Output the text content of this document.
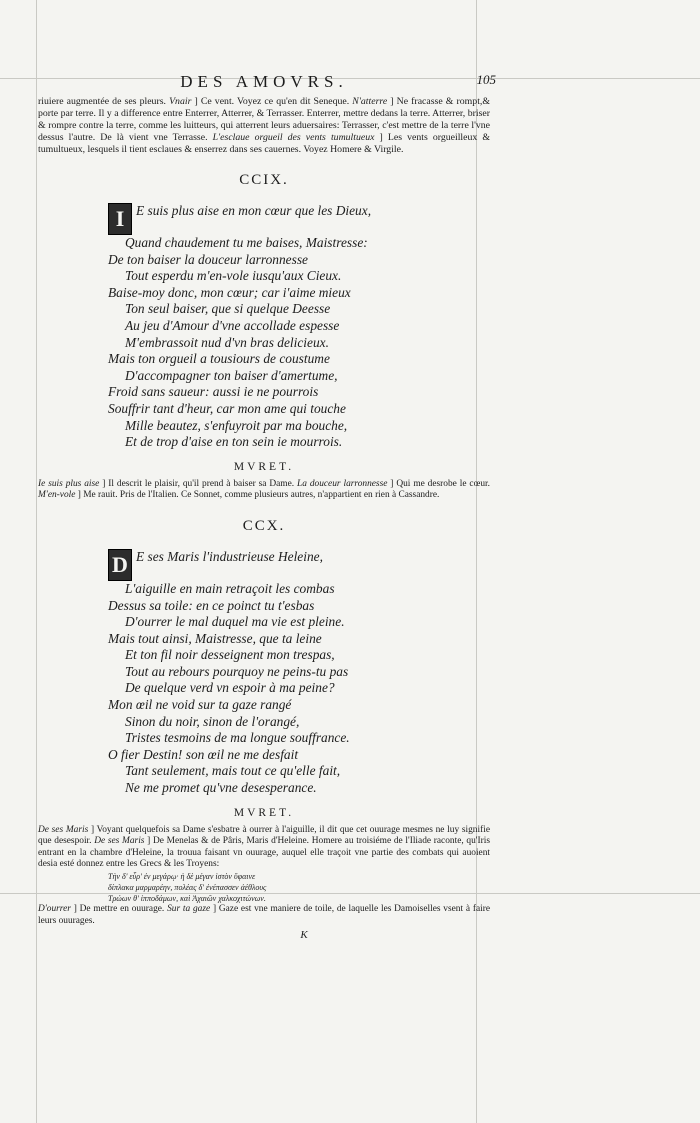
DES AMOVRS.	105
riuiere augmentée de ses pleurs. Vnair ] Ce vent. Voyez ce qu'en dit Seneque. N'atterre ] Ne fracasse & rompt,& porte par terre. Il y a difference entre Enterrer, Atterrer, & Terrasser. Enterrer, mettre dedans la terre. Atterrer, briser & rompre contre la terre, comme les luitteurs, qui atterrent leurs aduersaires: Terrasser, c'est mettre de la terre l'vne dessus l'autre. De là vient vne Terrasse. L'esclaue orgueil des vents tumultueux ] Les vents orgueilleux & tumultueux, lesquels il tient esclaues & enserrez dans ses cauernes. Voyez Homere & Virgile.
CCIX.
I E suis plus aise en mon cœur que les Dieux,
Quand chaudement tu me baises, Maistresse:
De ton baiser la douceur larronnesse
Tout esperdu m'en-vole iusqu'aux Cieux.
Baise-moy donc, mon cœur; car i'aime mieux
Ton seul baiser, que si quelque Deesse
Au jeu d'Amour d'vne accollade espesse
M'embrassoit nud d'vn bras delicieux.
Mais ton orgueil a tousiours de coustume
D'accompagner ton baiser d'amertume,
Froid sans saueur: aussi ie ne pourrois
Souffrir tant d'heur, car mon ame qui touche
Mille beautez, s'enfuyroit par ma bouche,
Et de trop d'aise en ton sein ie mourrois.
MVRET.
Ie suis plus aise ] Il descrit le plaisir, qu'il prend à baiser sa Dame. La douceur larronnesse ] Qui me desrobe le cœur. M'en-vole ] Me rauit. Pris de l'Italien. Ce Sonnet, comme plusieurs autres, n'appartient en rien à Cassandre.
CCX.
D E ses Maris l'industrieuse Heleine,
L'aiguille en main retraçoit les combas
Dessus sa toile: en ce poinct tu t'esbas
D'ourrer le mal duquel ma vie est pleine.
Mais tout ainsi, Maistresse, que ta leine
Et ton fil noir desseignent mon trespas,
Tout au rebours pourquoy ne peins-tu pas
De quelque verd vn espoir à ma peine?
Mon œil ne void sur ta gaze rangé
Sinon du noir, sinon de l'orangé,
Tristes tesmoins de ma longue souffrance.
O fier Destin! son œil ne me desfait
Tant seulement, mais tout ce qu'elle fait,
Ne me promet qu'vne desesperance.
MVRET.
De ses Maris ] Voyant quelquefois sa Dame s'esbatre à ourrer à l'aiguille, il dit que cet ouurage mesmes ne luy signifie que desespoir. De ses Maris ] De Menelas & de Pâris, Maris d'Heleine. Homere au troisiéme de l'Iliade raconte, qu'Iris entrant en la chambre d'Heleine, la trouua faisant vn ouurage, auquel elle traçoit vne partie des combats qui auoient desia esté donnez entre les Grecs & les Troyens:
Τὴν δ' εὗρ' ἐν μεγάρῳ· ἡ δὲ μέγαν ἱστὸν ὕφαινε
δίπλακα μαρμαρέην, πολέας δ' ἐνέπασσεν ἀέθλους
Τρώων θ' ἱπποδάμων, καὶ Ἀχαιῶν χαλκοχιτώνων.
D'ourrer ] De mettre en ouurage. Sur ta gaze ] Gaze est vne maniere de toile, de laquelle les Damoiselles vsent à faire leurs ouurages.
K
